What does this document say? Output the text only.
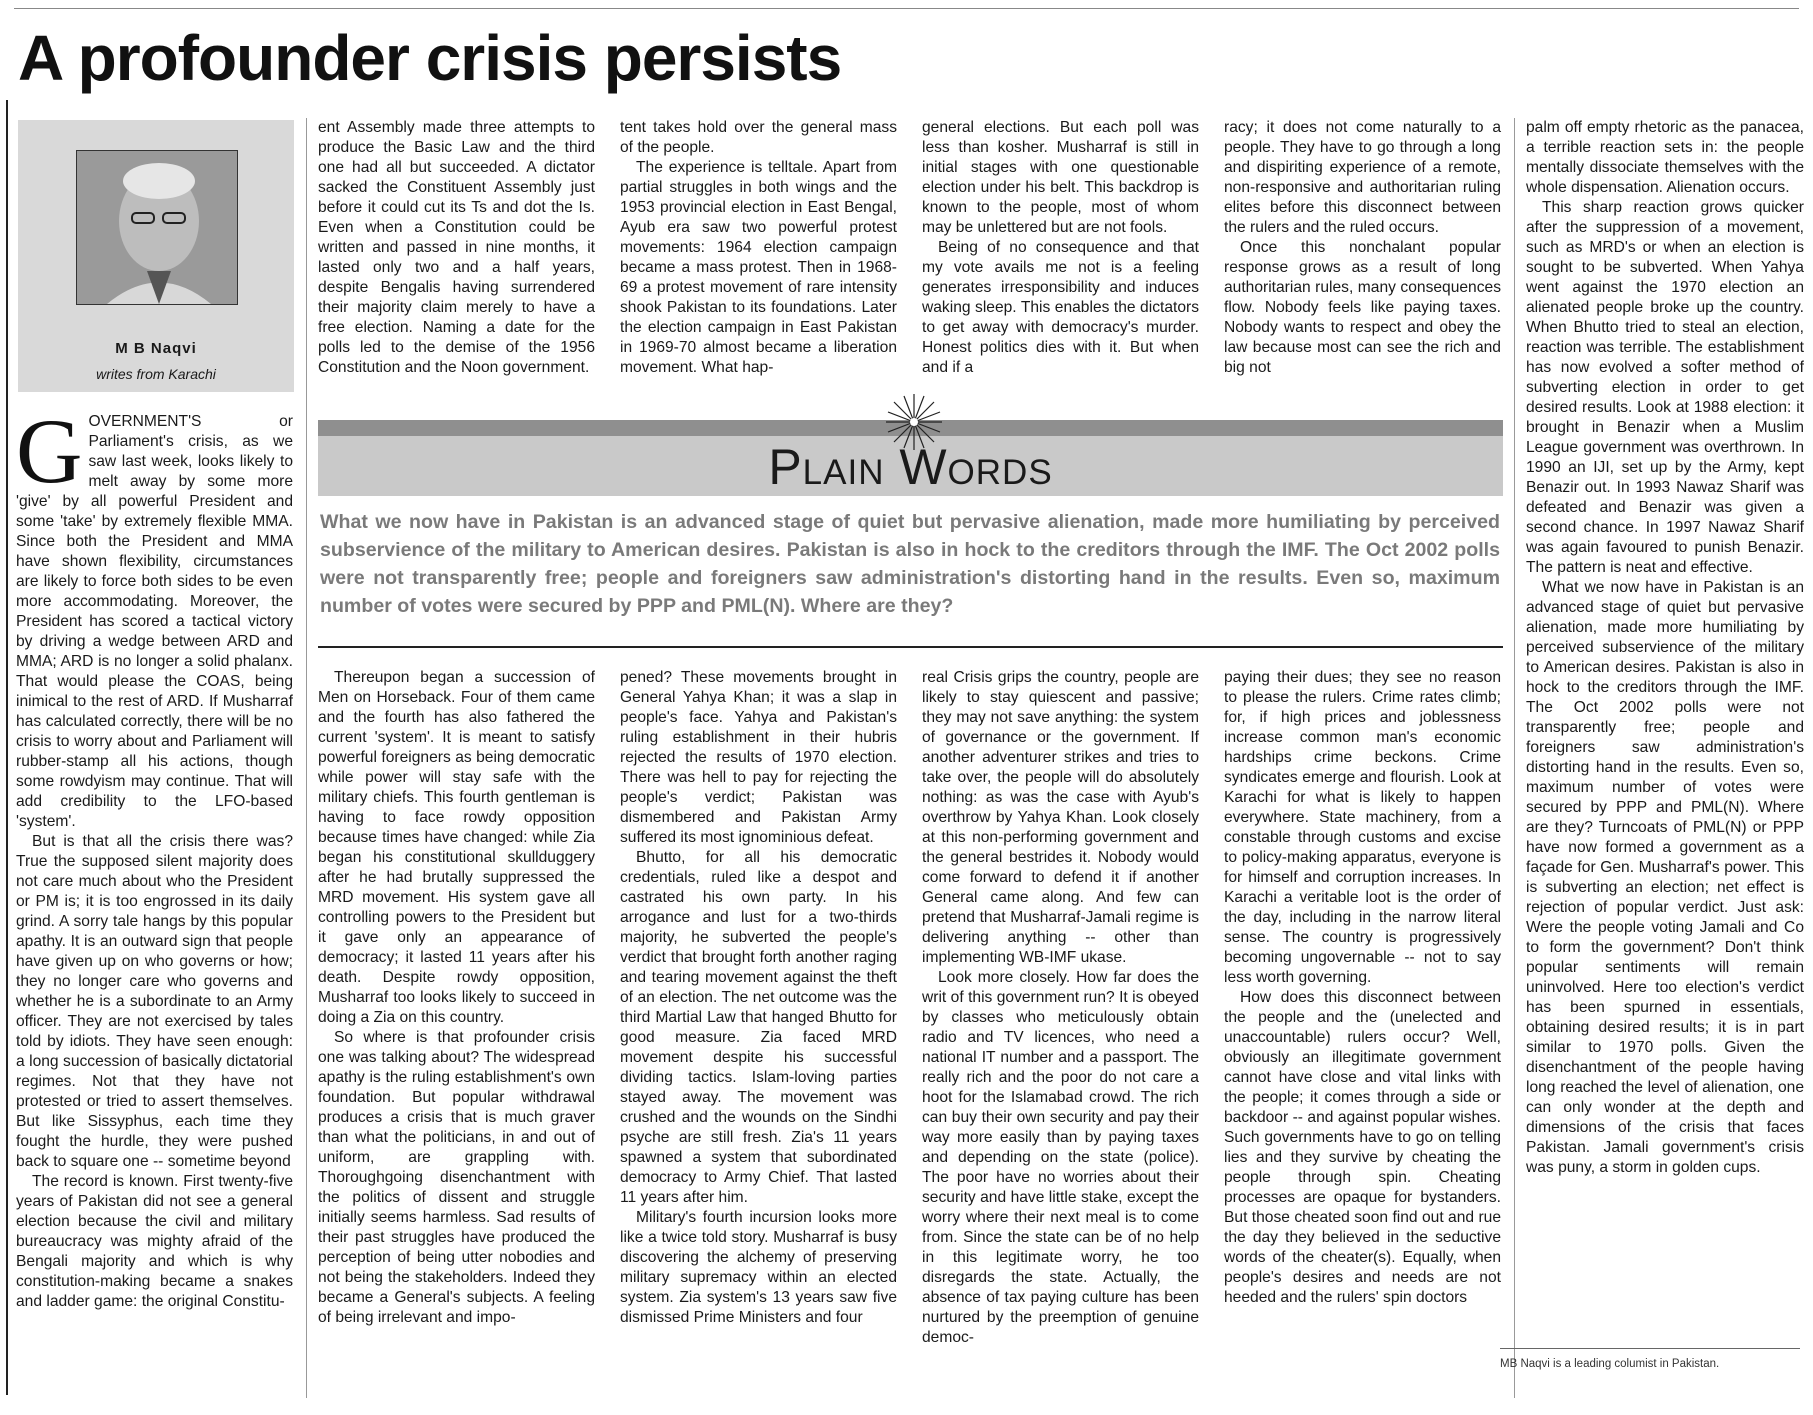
A profounder crisis persists
M B Naqvi
writes from Karachi

GOVERNMENT'S or Parliament's crisis, as we saw last week, looks likely to melt away by some more 'give' by all powerful President and some 'take' by extremely flexible MMA. Since both the President and MMA have shown flexibility, circumstances are likely to force both sides to be even more accommodating. Moreover, the President has scored a tactical victory by driving a wedge between ARD and MMA; ARD is no longer a solid phalanx. That would please the COAS, being inimical to the rest of ARD. If Musharraf has calculated correctly, there will be no crisis to worry about and Parliament will rubber-stamp all his actions, though some rowdyism may continue. That will add credibility to the LFO-based 'system'.

But is that all the crisis there was? True the supposed silent majority does not care much about who the President or PM is; it is too engrossed in its daily grind. A sorry tale hangs by this popular apathy. It is an outward sign that people have given up on who governs or how; they no longer care who governs and whether he is a subordinate to an Army officer. They are not exercised by tales told by idiots. They have seen enough: a long succession of basically dictatorial regimes. Not that they have not protested or tried to assert themselves. But like Sissyphus, each time they fought the hurdle, they were pushed back to square one -- sometime beyond

The record is known. First twenty-five years of Pakistan did not see a general election because the civil and military bureaucracy was mighty afraid of the Bengali majority and which is why constitution-making became a snakes and ladder game: the original Constitu-

ent Assembly made three attempts to produce the Basic Law and the third one had all but succeeded. A dictator sacked the Constituent Assembly just before it could cut its Ts and dot the Is. Even when a Constitution could be written and passed in nine months, it lasted only two and a half years, despite Bengalis having surrendered their majority claim merely to have a free election. Naming a date for the polls led to the demise of the 1956 Constitution and the Noon government.

tent takes hold over the general mass of the people.

The experience is telltale. Apart from partial struggles in both wings and the 1953 provincial election in East Bengal, Ayub era saw two powerful protest movements: 1964 election campaign became a mass protest. Then in 1968-69 a protest movement of rare intensity shook Pakistan to its foundations. Later the election campaign in East Pakistan in 1969-70 almost became a liberation movement. What hap-

general elections. But each poll was less than kosher. Musharraf is still in initial stages with one questionable election under his belt. This backdrop is known to the people, most of whom may be unlettered but are not fools.

Being of no consequence and that my vote avails me not is a feeling generates irresponsibility and induces waking sleep. This enables the dictators to get away with democracy's murder. Honest politics dies with it. But when and if a

racy; it does not come naturally to a people. They have to go through a long and dispiriting experience of a remote, non-responsive and authoritarian ruling elites before this disconnect between the rulers and the ruled occurs.

Once this nonchalant popular response grows as a result of long authoritarian rules, many consequences flow. Nobody feels like paying taxes. Nobody wants to respect and obey the law because most can see the rich and big not

Plain Words
What we now have in Pakistan is an advanced stage of quiet but pervasive alienation, made more humiliating by perceived subservience of the military to American desires. Pakistan is also in hock to the creditors through the IMF. The Oct 2002 polls were not transparently free; people and foreigners saw administration's distorting hand in the results. Even so, maximum number of votes were secured by PPP and PML(N). Where are they?

Thereupon began a succession of Men on Horseback. Four of them came and the fourth has also fathered the current 'system'. It is meant to satisfy powerful foreigners as being democratic while power will stay safe with the military chiefs. This fourth gentleman is having to face rowdy opposition because times have changed: while Zia began his constitutional skullduggery after he had brutally suppressed the MRD movement. His system gave all controlling powers to the President but it gave only an appearance of democracy; it lasted 11 years after his death. Despite rowdy opposition, Musharraf too looks likely to succeed in doing a Zia on this country.

So where is that profounder crisis one was talking about? The widespread apathy is the ruling establishment's own foundation. But popular withdrawal produces a crisis that is much graver than what the politicians, in and out of uniform, are grappling with. Thoroughgoing disenchantment with the politics of dissent and struggle initially seems harmless. Sad results of their past struggles have produced the perception of being utter nobodies and not being the stakeholders. Indeed they became a General's subjects. A feeling of being irrelevant and impo-

pened? These movements brought in General Yahya Khan; it was a slap in people's face. Yahya and Pakistan's ruling establishment in their hubris rejected the results of 1970 election. There was hell to pay for rejecting the people's verdict; Pakistan was dismembered and Pakistan Army suffered its most ignominious defeat.

Bhutto, for all his democratic credentials, ruled like a despot and castrated his own party. In his arrogance and lust for a two-thirds majority, he subverted the people's verdict that brought forth another raging and tearing movement against the theft of an election. The net outcome was the third Martial Law that hanged Bhutto for good measure. Zia faced MRD movement despite his successful dividing tactics. Islam-loving parties stayed away. The movement was crushed and the wounds on the Sindhi psyche are still fresh. Zia's 11 years spawned a system that subordinated democracy to Army Chief. That lasted 11 years after him.

Military's fourth incursion looks more like a twice told story. Musharraf is busy discovering the alchemy of preserving military supremacy within an elected system. Zia system's 13 years saw five dismissed Prime Ministers and four

real Crisis grips the country, people are likely to stay quiescent and passive; they may not save anything: the system of governance or the government. If another adventurer strikes and tries to take over, the people will do absolutely nothing: as was the case with Ayub's overthrow by Yahya Khan. Look closely at this non-performing government and the general bestrides it. Nobody would come forward to defend it if another General came along. And few can pretend that Musharraf-Jamali regime is delivering anything -- other than implementing WB-IMF ukase.

Look more closely. How far does the writ of this government run? It is obeyed by classes who meticulously obtain radio and TV licences, who need a national IT number and a passport. The really rich and the poor do not care a hoot for the Islamabad crowd. The rich can buy their own security and pay their way more easily than by paying taxes and depending on the state (police). The poor have no worries about their security and have little stake, except the worry where their next meal is to come from. Since the state can be of no help in this legitimate worry, he too disregards the state. Actually, the absence of tax paying culture has been nurtured by the preemption of genuine democ-

paying their dues; they see no reason to please the rulers. Crime rates climb; for, if high prices and joblessness increase common man's economic hardships crime beckons. Crime syndicates emerge and flourish. Look at Karachi for what is likely to happen everywhere. State machinery, from a constable through customs and excise to policy-making apparatus, everyone is for himself and corruption increases. In Karachi a veritable loot is the order of the day, including in the narrow literal sense. The country is progressively becoming ungovernable -- not to say less worth governing.

How does this disconnect between the people and the (unelected and unaccountable) rulers occur? Well, obviously an illegitimate government cannot have close and vital links with the people; it comes through a side or backdoor -- and against popular wishes. Such governments have to go on telling lies and they survive by cheating the people through spin. Cheating processes are opaque for bystanders. But those cheated soon find out and rue the day they believed in the seductive words of the cheater(s). Equally, when people's desires and needs are not heeded and the rulers' spin doctors

palm off empty rhetoric as the panacea, a terrible reaction sets in: the people mentally dissociate themselves with the whole dispensation. Alienation occurs.

This sharp reaction grows quicker after the suppression of a movement, such as MRD's or when an election is sought to be subverted. When Yahya went against the 1970 election an alienated people broke up the country. When Bhutto tried to steal an election, reaction was terrible. The establishment has now evolved a softer method of subverting election in order to get desired results. Look at 1988 election: it brought in Benazir when a Muslim League government was overthrown. In 1990 an IJI, set up by the Army, kept Benazir out. In 1993 Nawaz Sharif was defeated and Benazir was given a second chance. In 1997 Nawaz Sharif was again favoured to punish Benazir. The pattern is neat and effective.

What we now have in Pakistan is an advanced stage of quiet but pervasive alienation, made more humiliating by perceived subservience of the military to American desires. Pakistan is also in hock to the creditors through the IMF. The Oct 2002 polls were not transparently free; people and foreigners saw administration's distorting hand in the results. Even so, maximum number of votes were secured by PPP and PML(N). Where are they? Turncoats of PML(N) or PPP have now formed a government as a façade for Gen. Musharraf's power. This is subverting an election; net effect is rejection of popular verdict. Just ask: Were the people voting Jamali and Co to form the government? Don't think popular sentiments will remain uninvolved. Here too election's verdict has been spurned in essentials, obtaining desired results; it is in part similar to 1970 polls. Given the disenchantment of the people having long reached the level of alienation, one can only wonder at the depth and dimensions of the crisis that faces Pakistan. Jamali government's crisis was puny, a storm in golden cups.

MB Naqvi is a leading columist in Pakistan.
